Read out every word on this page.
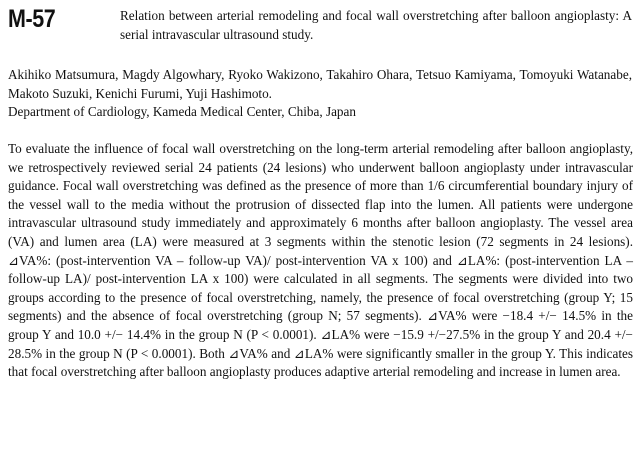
M-57	Relation between arterial remodeling and focal wall overstretching after balloon angioplasty: A serial intravascular ultrasound study.
Akihiko Matsumura, Magdy Algowhary, Ryoko Wakizono, Takahiro Ohara, Tetsuo Kamiyama, Tomoyuki Watanabe, Makoto Suzuki, Kenichi Furumi, Yuji Hashimoto.
Department of Cardiology, Kameda Medical Center, Chiba, Japan
To evaluate the influence of focal wall overstretching on the long-term arterial remodeling after balloon angioplasty, we retrospectively reviewed serial 24 patients (24 lesions) who underwent balloon angioplasty under intravascular guidance. Focal wall overstretching was defined as the presence of more than 1/6 circumferential boundary injury of the vessel wall to the media without the protrusion of dissected flap into the lumen. All patients were undergone intravascular ultrasound study immediately and approximately 6 months after balloon angioplasty. The vessel area (VA) and lumen area (LA) were measured at 3 segments within the stenotic lesion (72 segments in 24 lesions). ⊿VA%: (post-intervention VA – follow-up VA)/ post-intervention VA x 100) and ⊿LA%: (post-intervention LA – follow-up LA)/ post-intervention LA x 100) were calculated in all segments. The segments were divided into two groups according to the presence of focal overstretching, namely, the presence of focal overstretching (group Y; 15 segments) and the absence of focal overstretching (group N; 57 segments). ⊿VA% were −18.4 +/− 14.5% in the group Y and 10.0 +/− 14.4% in the group N (P < 0.0001). ⊿LA% were −15.9 +/−27.5% in the group Y and 20.4 +/− 28.5% in the group N (P < 0.0001). Both ⊿VA% and ⊿LA% were significantly smaller in the group Y. This indicates that focal overstretching after balloon angioplasty produces adaptive arterial remodeling and increase in lumen area.
